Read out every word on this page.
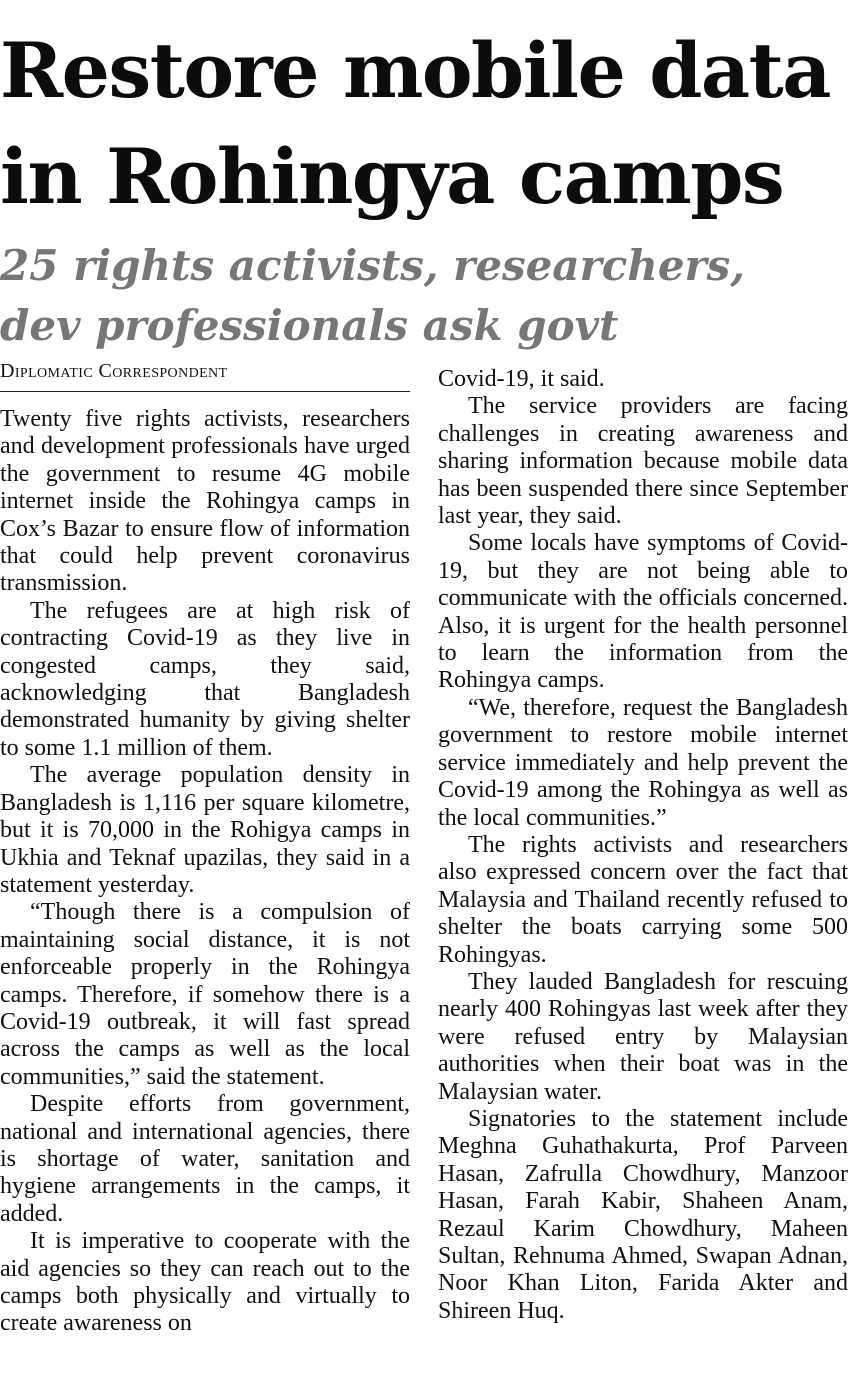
Restore mobile data
in Rohingya camps
25 rights activists, researchers,
dev professionals ask govt
Diplomatic Correspondent

Twenty five rights activists, researchers and development professionals have urged the government to resume 4G mobile internet inside the Rohingya camps in Cox’s Bazar to ensure flow of information that could help prevent coronavirus transmission.

The refugees are at high risk of contracting Covid-19 as they live in congested camps, they said, acknowledging that Bangladesh demonstrated humanity by giving shelter to some 1.1 million of them.

The average population density in Bangladesh is 1,116 per square kilometre, but it is 70,000 in the Rohigya camps in Ukhia and Teknaf upazilas, they said in a statement yesterday.

“Though there is a compulsion of maintaining social distance, it is not enforceable properly in the Rohingya camps. Therefore, if somehow there is a Covid-19 outbreak, it will fast spread across the camps as well as the local communities,” said the statement.

Despite efforts from government, national and international agencies, there is shortage of water, sanitation and hygiene arrangements in the camps, it added.

It is imperative to cooperate with the aid agencies so they can reach out to the camps both physically and virtually to create awareness on

Covid-19, it said.

The service providers are facing challenges in creating awareness and sharing information because mobile data has been suspended there since September last year, they said.

Some locals have symptoms of Covid-19, but they are not being able to communicate with the officials concerned. Also, it is urgent for the health personnel to learn the information from the Rohingya camps.

“We, therefore, request the Bangladesh government to restore mobile internet service immediately and help prevent the Covid-19 among the Rohingya as well as the local communities.”

The rights activists and researchers also expressed concern over the fact that Malaysia and Thailand recently refused to shelter the boats carrying some 500 Rohingyas.

They lauded Bangladesh for rescuing nearly 400 Rohingyas last week after they were refused entry by Malaysian authorities when their boat was in the Malaysian water.

Signatories to the statement include Meghna Guhathakurta, Prof Parveen Hasan, Zafrulla Chowdhury, Manzoor Hasan, Farah Kabir, Shaheen Anam, Rezaul Karim Chowdhury, Maheen Sultan, Rehnuma Ahmed, Swapan Adnan, Noor Khan Liton, Farida Akter and Shireen Huq.
